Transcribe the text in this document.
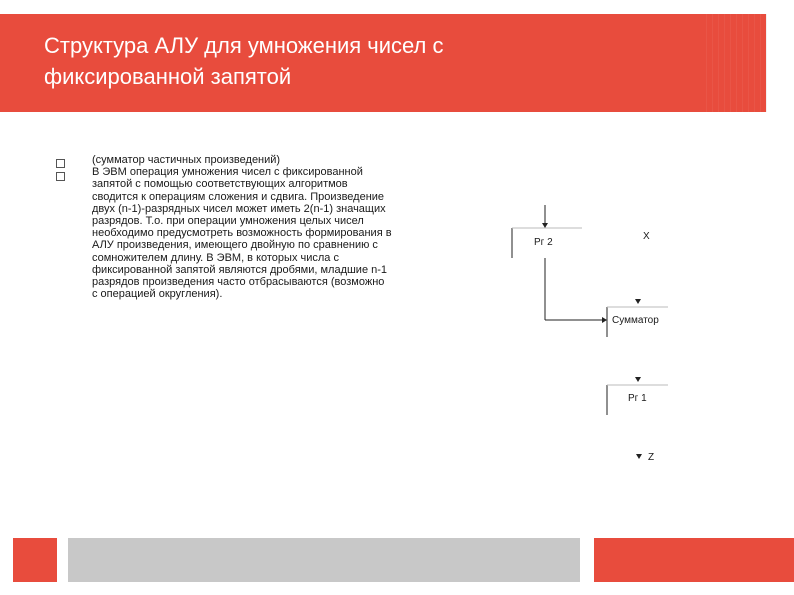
Структура АЛУ для умножения чисел с фиксированной запятой

(сумматор частичных произведений)
В ЭВМ операция умножения чисел с фиксированной запятой с помощью соответствующих алгоритмов сводится к операциям сложения и сдвига. Произведение двух (n-1)-разрядных чисел может иметь 2(n-1) значащих разрядов. Т.о. при операции умножения целых чисел необходимо предусмотреть возможность формирования в АЛУ произведения, имеющего двойную по сравнению с сомножителем длину. В ЭВМ, в которых числа с фиксированной запятой являются дробями, младшие n-1 разрядов произведения часто отбрасываются (возможно с операцией округления).

Рг 2
X
Сумматор
Рг 1
Z
